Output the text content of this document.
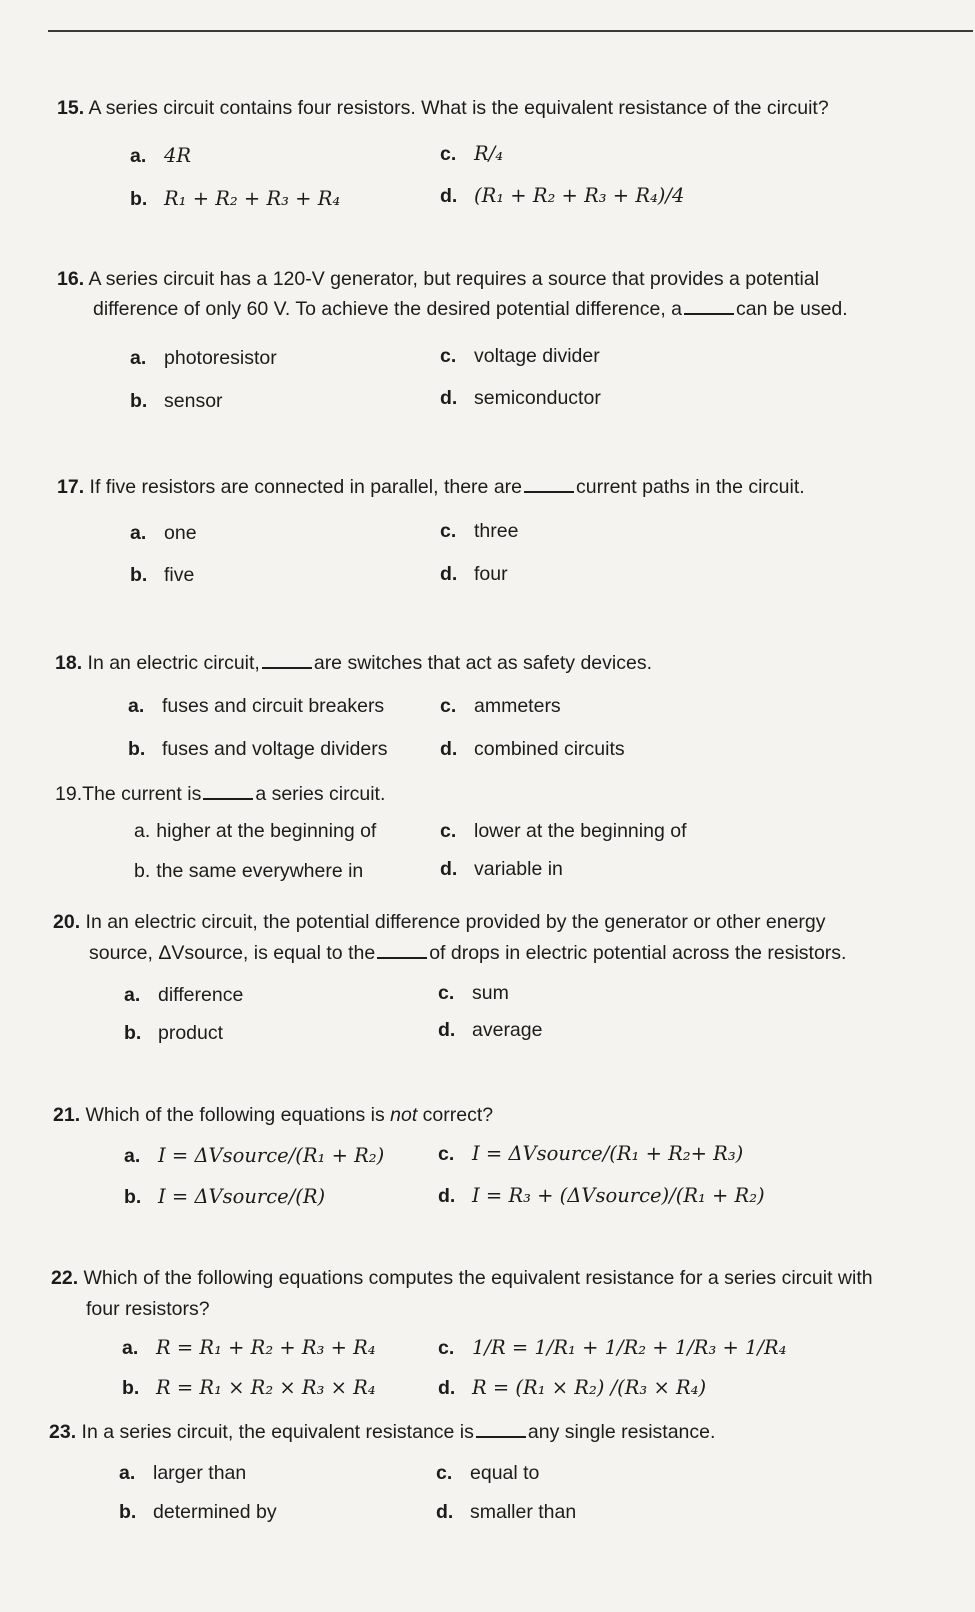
15. A series circuit contains four resistors. What is the equivalent resistance of the circuit?
a. 4R
b. R₁ + R₂ + R₃ + R₄
c. R/₄
d. (R₁ + R₂ + R₃ + R₄)/4
16. A series circuit has a 120-V generator, but requires a source that provides a potential
difference of only 60 V. To achieve the desired potential difference, a	can be used.
a. photoresistor
b. sensor
c. voltage divider
d. semiconductor
17. If five resistors are connected in parallel, there are	current paths in the circuit.
a. one
b. five
c. three
d. four
18. In an electric circuit,	are switches that act as safety devices.
a. fuses and circuit breakers
b. fuses and voltage dividers
c. ammeters
d. combined circuits
19.The current is	a series circuit.
a. higher at the beginning of
b. the same everywhere in
c. lower at the beginning of
d. variable in
20. In an electric circuit, the potential difference provided by the generator or other energy
source, ΔVsource, is equal to the	of drops in electric potential across the resistors.
a. difference
b. product
c. sum
d. average
21. Which of the following equations is not correct?
a. I = ΔVsource/(R₁ + R₂)
b. I = ΔVsource/(R)
c. I = ΔVsource/(R₁ + R₂+ R₃)
d. I = R₃ + (ΔVsource)/(R₁ + R₂)
22. Which of the following equations computes the equivalent resistance for a series circuit with
four resistors?
a. R = R₁ + R₂ + R₃ + R₄
b. R = R₁ × R₂ × R₃ × R₄
c. 1/R = 1/R₁ + 1/R₂ + 1/R₃ + 1/R₄
d. R = (R₁ × R₂) /(R₃ × R₄)
23. In a series circuit, the equivalent resistance is	any single resistance.
a. larger than
b. determined by
c. equal to
d. smaller than
